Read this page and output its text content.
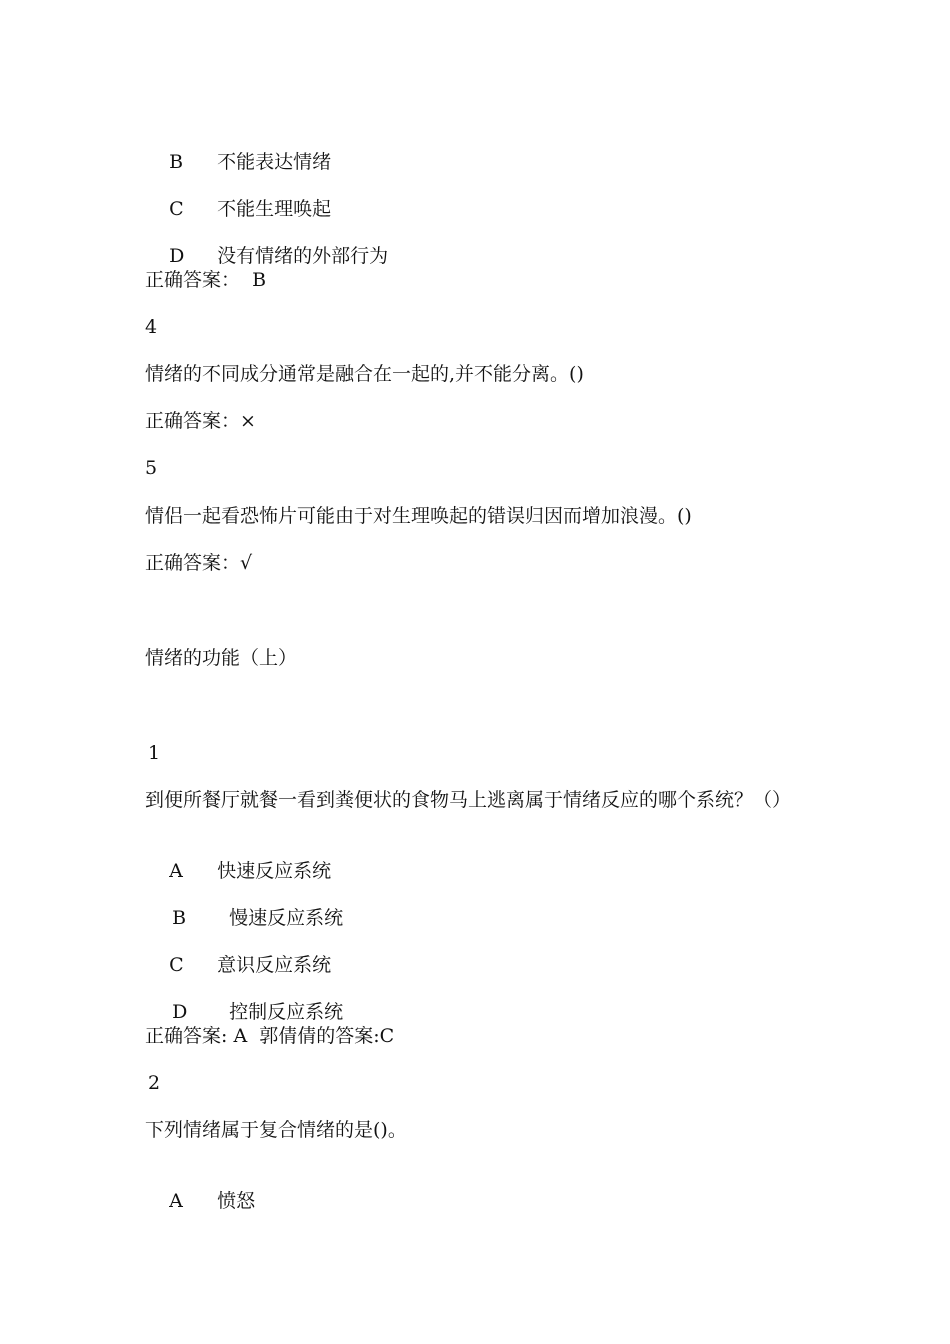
B 不能表达情绪

C 不能生理唤起

D 没有情绪的外部行为

正确答案：  B
4
情绪的不同成分通常是融合在一起的,并不能分离。()
正确答案：×
5
情侣一起看恐怖片可能由于对生理唤起的错误归因而增加浪漫。()
正确答案：√
情绪的功能（上）
1
到便所餐厅就餐一看到粪便状的食物马上逃离属于情绪反应的哪个系统？（）

A 快速反应系统

B 慢速反应系统

C 意识反应系统

D 控制反应系统

正确答案: A  郭倩倩的答案:C
2
下列情绪属于复合情绪的是()。

A 愤怒
